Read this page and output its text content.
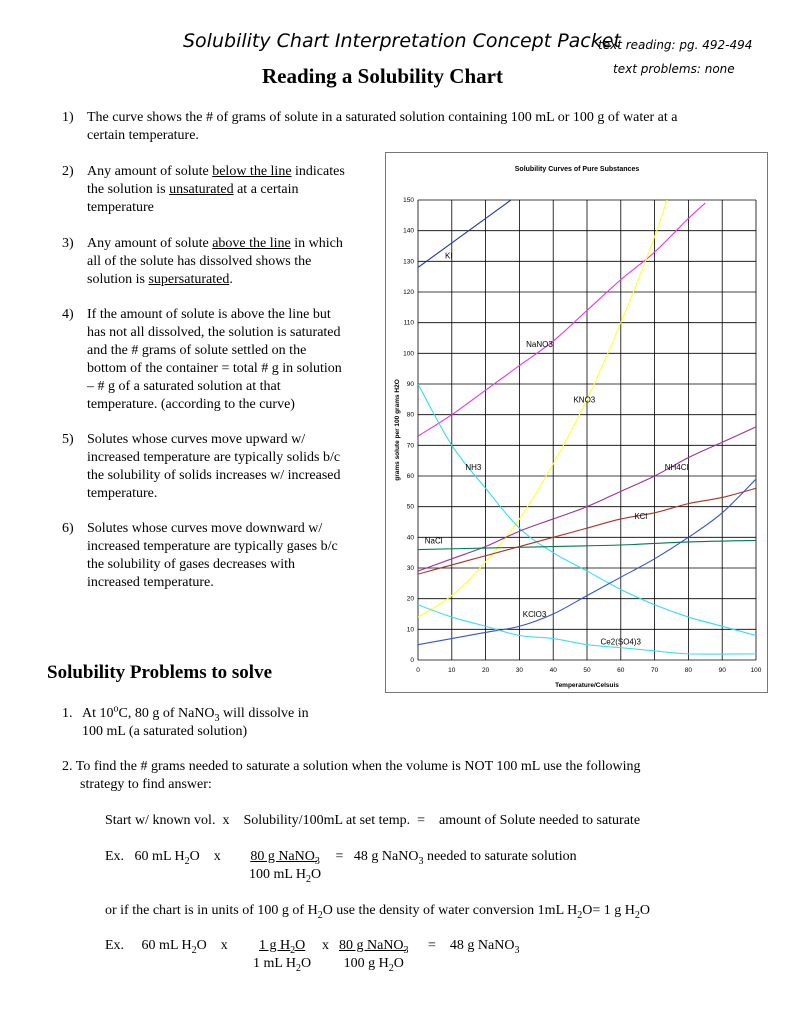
Solubility Chart Interpretation Concept Packet
text reading: pg. 492-494
text problems: none
Reading a Solubility Chart
1) The curve shows the # of grams of solute in a saturated solution containing 100 mL or 100 g of water at a
certain temperature.
2) Any amount of solute below the line indicates
the solution is unsaturated at a certain
temperature
3) Any amount of solute above the line in which
all of the solute has dissolved shows the
solution is supersaturated.
4) If the amount of solute is above the line but
has not all dissolved, the solution is saturated
and the # grams of solute settled on the
bottom of the container = total # g in solution
– # g of a saturated solution at that
temperature. (according to the curve)
5) Solutes whose curves move upward w/
increased temperature are typically solids b/c
the solubility of solids increases w/ increased
temperature.
6) Solutes whose curves move downward w/
increased temperature are typically gases b/c
the solubility of gases decreases with
increased temperature.
Solubility Curves of Pure Substances
0	10	20	30	40	50	60	70	80	90	100
0
10
20
30
40
50
60
70
80
90
100
110
120
130
140
150
Temperature/Celsuis
grams solute per 100 grams H2O
KI
NaNO3
KNO3
NH3	NH4Cl
KCl
NaCl
KClO3
Ce2(SO4)3
Solubility Problems to solve
1. At 10$^o$C, 80 g of NaNO$_3$ will dissolve in
100 mL (a saturated solution)
2. To find the # grams needed to saturate a solution when the volume is NOT 100 mL use the following
strategy to find answer:
Start w/ known vol.  x    Solubility/100mL at set temp.  =    amount of Solute needed to saturate
Ex.   60 mL $H_2O$    x 80 g NaNO$_3$
100 mL $H_2O$
=   48 g NaNO$_3$ needed to saturate solution
or if the chart is in units of 100 g of $H_2O$ use the density of water conversion 1mL $H_2O= 1$ g $H_2O$
Ex.     60 mL $H_2O$    x $\frac{1 g H_2O}{1 mL H_2O}$ x 80 g NaNO$_3$
100 g $H_2O$
=    48 g NaNO$_3$
